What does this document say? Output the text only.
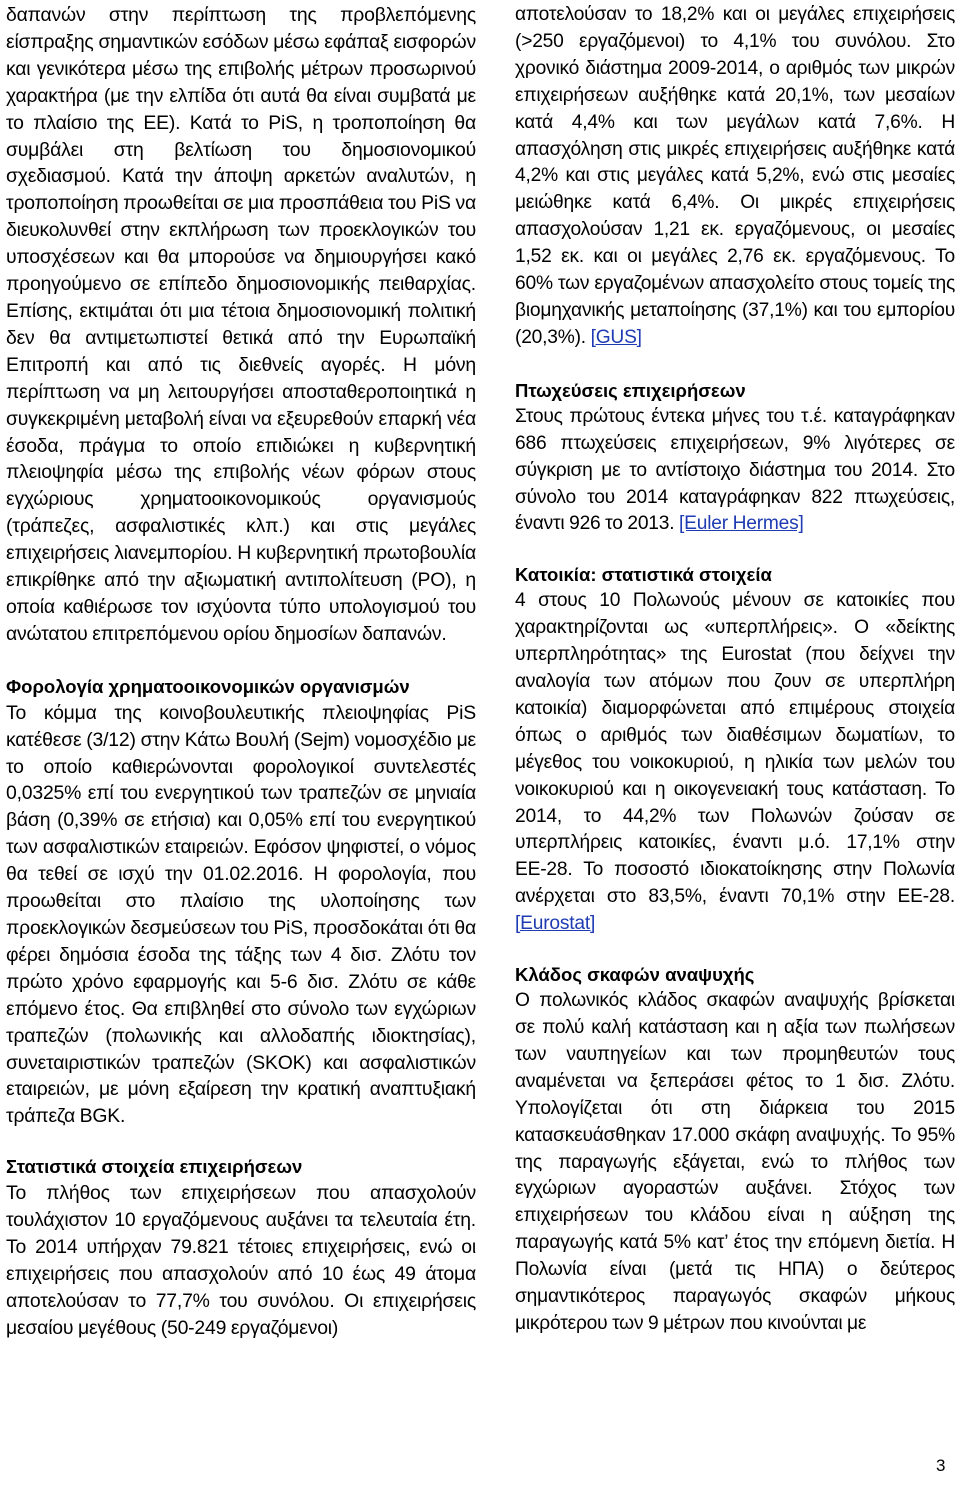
δαπανών στην περίπτωση της προβλεπόμενης είσπραξης σημαντικών εσόδων μέσω εφάπαξ εισφορών και γενικότερα μέσω της επιβολής μέτρων προσωρινού χαρακτήρα (με την ελπίδα ότι αυτά θα είναι συμβατά με το πλαίσιο της ΕΕ). Κατά το PiS, η τροποποίηση θα συμβάλει στη βελτίωση του δημοσιονομικού σχεδιασμού. Κατά την άποψη αρκετών αναλυτών, η τροποποίηση προωθείται σε μια προσπάθεια του PiS να διευκολυνθεί στην εκπλήρωση των προεκλογικών του υποσχέσεων και θα μπορούσε να δημιουργήσει κακό προηγούμενο σε επίπεδο δημοσιονομικής πειθαρχίας. Επίσης, εκτιμάται ότι μια τέτοια δημοσιονομική πολιτική δεν θα αντιμετωπιστεί θετικά από την Ευρωπαϊκή Επιτροπή και από τις διεθνείς αγορές. Η μόνη περίπτωση να μη λειτουργήσει αποσταθεροποιητικά η συγκεκριμένη μεταβολή είναι να εξευρεθούν επαρκή νέα έσοδα, πράγμα το οποίο επιδιώκει η κυβερνητική πλειοψηφία μέσω της επιβολής νέων φόρων στους εγχώριους χρηματοοικονομικούς οργανισμούς (τράπεζες, ασφαλιστικές κλπ.) και στις μεγάλες επιχειρήσεις λιανεμπορίου. Η κυβερνητική πρωτοβουλία επικρίθηκε από την αξιωματική αντιπολίτευση (PO), η οποία καθιέρωσε τον ισχύοντα τύπο υπολογισμού του ανώτατου επιτρεπόμενου ορίου δημοσίων δαπανών.

Φορολογία χρηματοοικονομικών οργανισμών

Το κόμμα της κοινοβουλευτικής πλειοψηφίας PiS κατέθεσε (3/12) στην Κάτω Βουλή (Sejm) νομοσχέδιο με το οποίο καθιερώνονται φορολογικοί συντελεστές 0,0325% επί του ενεργητικού των τραπεζών σε μηνιαία βάση (0,39% σε ετήσια) και 0,05% επί του ενεργητικού των ασφαλιστικών εταιρειών. Εφόσον ψηφιστεί, ο νόμος θα τεθεί σε ισχύ την 01.02.2016. Η φορολογία, που προωθείται στο πλαίσιο της υλοποίησης των προεκλογικών δεσμεύσεων του PiS, προσδοκάται ότι θα φέρει δημόσια έσοδα της τάξης των 4 δισ. Ζλότυ τον πρώτο χρόνο εφαρμογής και 5-6 δισ. Ζλότυ σε κάθε επόμενο έτος. Θα επιβληθεί στο σύνολο των εγχώριων τραπεζών (πολωνικής και αλλοδαπής ιδιοκτησίας), συνεταιριστικών τραπεζών (SKOK) και ασφαλιστικών εταιρειών, με μόνη εξαίρεση την κρατική αναπτυξιακή τράπεζα BGK.

Στατιστικά στοιχεία επιχειρήσεων

Το πλήθος των επιχειρήσεων που απασχολούν τουλάχιστον 10 εργαζόμενους αυξάνει τα τελευταία έτη. Το 2014 υπήρχαν 79.821 τέτοιες επιχειρήσεις, ενώ οι επιχειρήσεις που απασχολούν από 10 έως 49 άτομα αποτελούσαν το 77,7% του συνόλου. Οι επιχειρήσεις μεσαίου μεγέθους (50-249 εργαζόμενοι)

αποτελούσαν το 18,2% και οι μεγάλες επιχειρήσεις (>250 εργαζόμενοι) το 4,1% του συνόλου. Στο χρονικό διάστημα 2009-2014, ο αριθμός των μικρών επιχειρήσεων αυξήθηκε κατά 20,1%, των μεσαίων κατά 4,4% και των μεγάλων κατά 7,6%. Η απασχόληση στις μικρές επιχειρήσεις αυξήθηκε κατά 4,2% και στις μεγάλες κατά 5,2%, ενώ στις μεσαίες μειώθηκε κατά 6,4%. Οι μικρές επιχειρήσεις απασχολούσαν 1,21 εκ. εργαζόμενους, οι μεσαίες 1,52 εκ. και οι μεγάλες 2,76 εκ. εργαζόμενους. Το 60% των εργαζομένων απασχολείτο στους τομείς της βιομηχανικής μεταποίησης (37,1%) και του εμπορίου (20,3%). [GUS]

Πτωχεύσεις επιχειρήσεων

Στους πρώτους έντεκα μήνες του τ.έ. καταγράφηκαν 686 πτωχεύσεις επιχειρήσεων, 9% λιγότερες σε σύγκριση με το αντίστοιχο διάστημα του 2014. Στο σύνολο του 2014 καταγράφηκαν 822 πτωχεύσεις, έναντι 926 το 2013. [Euler Hermes]

Κατοικία: στατιστικά στοιχεία

4 στους 10 Πολωνούς μένουν σε κατοικίες που χαρακτηρίζονται ως «υπερπλήρεις». Ο «δείκτης υπερπληρότητας» της Eurostat (που δείχνει την αναλογία των ατόμων που ζουν σε υπερπλήρη κατοικία) διαμορφώνεται από επιμέρους στοιχεία όπως ο αριθμός των διαθέσιμων δωματίων, το μέγεθος του νοικοκυριού, η ηλικία των μελών του νοικοκυριού και η οικογενειακή τους κατάσταση. Το 2014, το 44,2% των Πολωνών ζούσαν σε υπερπλήρεις κατοικίες, έναντι μ.ό. 17,1% στην ΕΕ-28. Το ποσοστό ιδιοκατοίκησης στην Πολωνία ανέρχεται στο 83,5%, έναντι 70,1% στην ΕΕ-28. [Eurostat]

Κλάδος σκαφών αναψυχής

Ο πολωνικός κλάδος σκαφών αναψυχής βρίσκεται σε πολύ καλή κατάσταση και η αξία των πωλήσεων των ναυπηγείων και των προμηθευτών τους αναμένεται να ξεπεράσει φέτος το 1 δισ. Ζλότυ. Υπολογίζεται ότι στη διάρκεια του 2015 κατασκευάσθηκαν 17.000 σκάφη αναψυχής. Το 95% της παραγωγής εξάγεται, ενώ το πλήθος των εγχώριων αγοραστών αυξάνει. Στόχος των επιχειρήσεων του κλάδου είναι η αύξηση της παραγωγής κατά 5% κατ’ έτος την επόμενη διετία. Η Πολωνία είναι (μετά τις ΗΠΑ) ο δεύτερος σημαντικότερος παραγωγός σκαφών μήκους μικρότερου των 9 μέτρων που κινούνται με

3
